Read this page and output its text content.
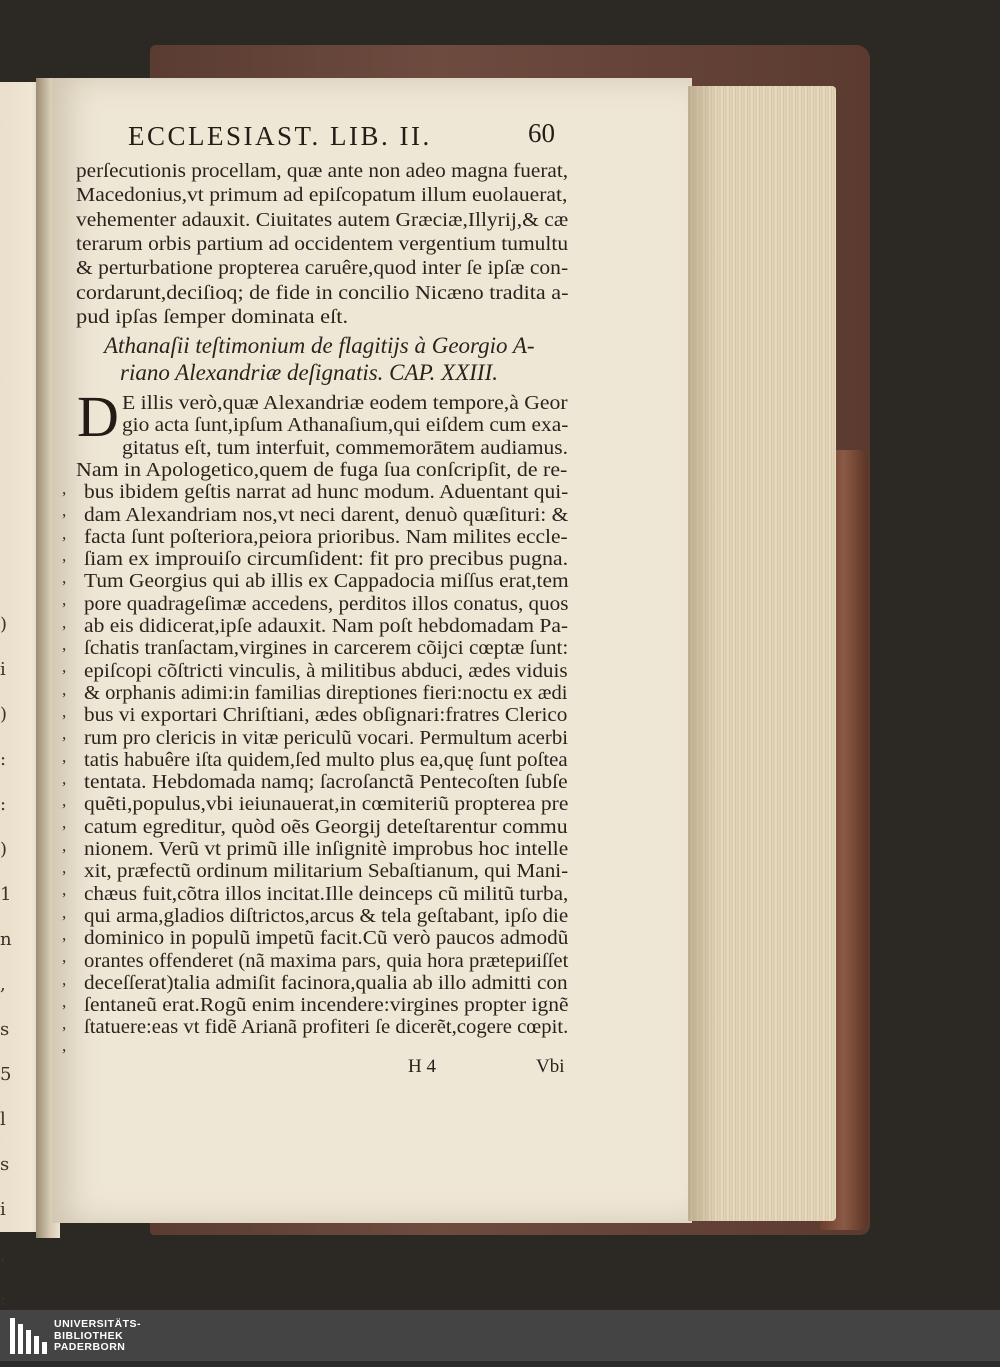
)
i
)
:
:
)
1
n
,
s
5
l
s
i
,
:

ECCLESIAST. LIB. II.	60
perſecutionis procellam, quæ ante non adeo magna fuerat,
Macedonius,vt primum ad epiſcopatum illum euolauerat,
vehementer adauxit. Ciuitates autem Græciæ,Illyrij,& cæ
terarum orbis partium ad occidentem vergentium tumultu
& perturbatione propterea caruêre,quod inter ſe ipſæ con-
cordarunt,deciſioq; de fide in concilio Nicæno tradita a-
pud ipſas ſemper dominata eſt.
Athanaſii teſtimonium de flagitijs à Georgio A-
riano Alexandriæ deſignatis. CAP. XXIII.
D E illis verò,quæ Alexandriæ eodem tempore,à Geor
gio acta ſunt,ipſum Athanaſium,qui eiſdem cum exa-
gitatus eſt, tum interfuit, commemorātem audiamus.
Nam in Apologetico,quem de fuga ſua conſcripſit, de re-
bus ibidem geſtis narrat ad hunc modum. Aduentant qui-
dam Alexandriam nos,vt neci darent, denuò quæſituri: &
facta ſunt poſteriora,peiora prioribus. Nam milites eccle-
ſiam ex improuiſo circumſident: fit pro precibus pugna.
Tum Georgius qui ab illis ex Cappadocia miſſus erat,tem
pore quadrageſimæ accedens, perditos illos conatus, quos
ab eis didicerat,ipſe adauxit. Nam poſt hebdomadam Pa-
ſchatis tranſactam,virgines in carcerem cõijci cœptæ ſunt:
epiſcopi cõſtricti vinculis, à militibus abduci, ædes viduis
& orphanis adimi:in familias direptiones fieri:noctu ex ædi
bus vi exportari Chriſtiani, ædes obſignari:fratres Clerico
rum pro clericis in vitæ periculũ vocari. Permultum acerbi
tatis habuêre iſta quidem,ſed multo plus ea,quę ſunt poſtea
tentata. Hebdomada namq; ſacroſanctã Pentecoſten ſubſe
quẽti,populus,vbi ieiunauerat,in cœmiteriũ propterea pre
catum egreditur, quòd oẽs Georgij deteſtarentur commu
nionem. Verũ vt primũ ille inſignitè improbus hoc intelle
xit, præfectũ ordinum militarium Sebaſtianum, qui Mani-
chæus fuit,cõtra illos incitat.Ille deinceps cũ militũ turba,
qui arma,gladios diſtrictos,arcus & tela geſtabant, ipſo die
dominico in populũ impetũ facit.Cũ verò paucos admodũ
orantes offenderet (nã maxima pars, quia hora prætериiſſet
deceſſerat)talia admiſit facinora,qualia ab illo admitti con
ſentaneũ erat.Rogũ enim incendere:virgines propter ignẽ
ſtatuere:eas vt fidẽ Arianã profiteri ſe dicerẽt,cogere cœpit.
,
,
,
,
,
,
,
,
,
,
,
,
,
,
,
,
,
,
,
,
,
,
,
,
,
,
H 4	Vbi
UNIVERSITÄTS-
BIBLIOTHEK
PADERBORN
